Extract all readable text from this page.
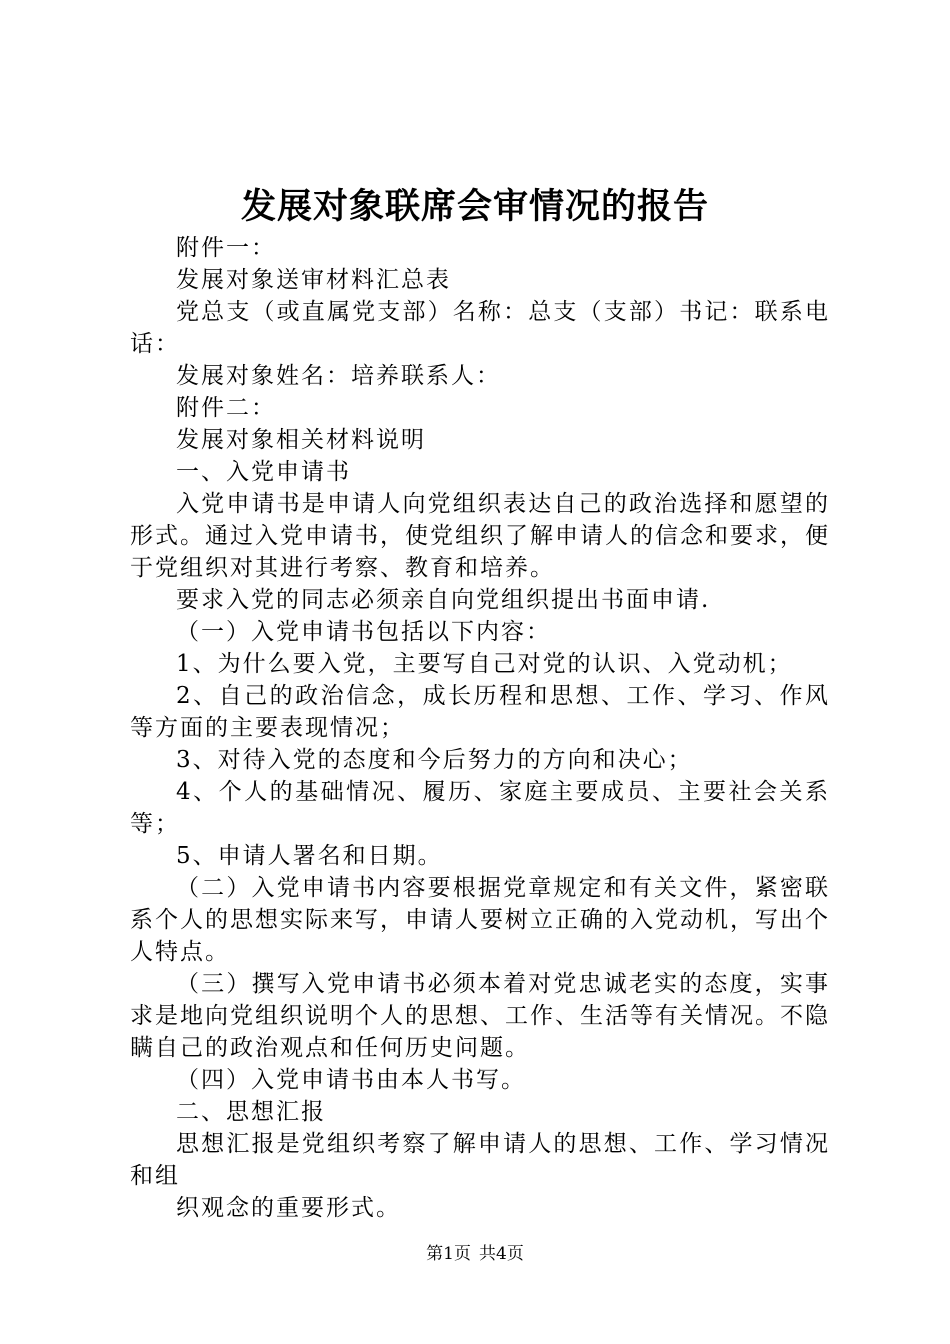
发展对象联席会审情况的报告

附件一：

发展对象送审材料汇总表

党总支（或直属党支部）名称：总支（支部）书记：联系电话：

发展对象姓名：培养联系人：

附件二：

发展对象相关材料说明

一、入党申请书

入党申请书是申请人向党组织表达自己的政治选择和愿望的形式。通过入党申请书，使党组织了解申请人的信念和要求，便于党组织对其进行考察、教育和培养。

要求入党的同志必须亲自向党组织提出书面申请.

（一）入党申请书包括以下内容：

1、为什么要入党，主要写自己对党的认识、入党动机；

2、自己的政治信念，成长历程和思想、工作、学习、作风等方面的主要表现情况；

3、对待入党的态度和今后努力的方向和决心；

4、个人的基础情况、履历、家庭主要成员、主要社会关系等；

5、申请人署名和日期。

（二）入党申请书内容要根据党章规定和有关文件，紧密联系个人的思想实际来写，申请人要树立正确的入党动机，写出个人特点。

（三）撰写入党申请书必须本着对党忠诚老实的态度，实事求是地向党组织说明个人的思想、工作、生活等有关情况。不隐瞒自己的政治观点和任何历史问题。

（四）入党申请书由本人书写。

二、思想汇报

思想汇报是党组织考察了解申请人的思想、工作、学习情况和组

织观念的重要形式。

第1页 共4页
